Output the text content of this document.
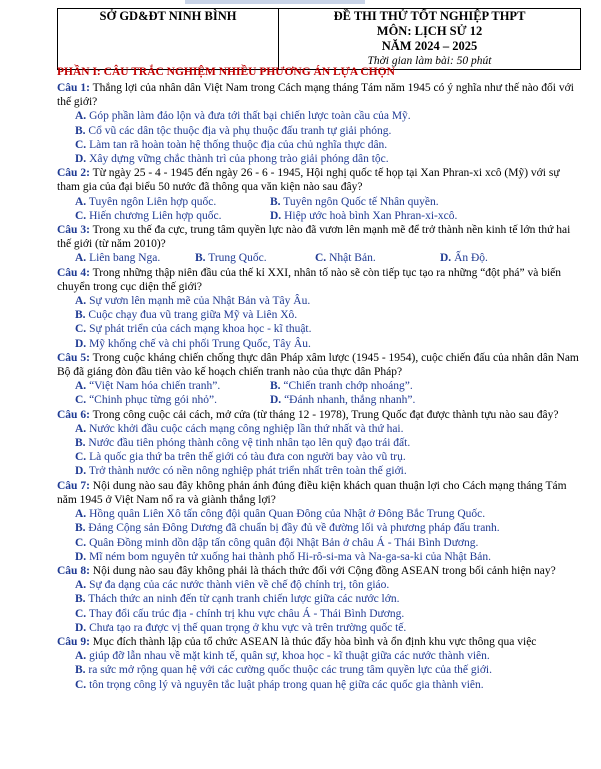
SỞ GD&ĐT NINH BÌNH	ĐỀ THI THỬ TỐT NGHIỆP THPT
MÔN: LỊCH SỬ 12
NĂM 2024 – 2025
Thời gian làm bài: 50 phút
PHẦN I: CÂU TRẮC NGHIỆM NHIỀU PHƯƠNG ÁN LỰA CHỌN

Câu 1: Thắng lợi của nhân dân Việt Nam trong Cách mạng tháng Tám năm 1945 có ý nghĩa như thế nào đối với thế giới?

A. Góp phần làm đảo lộn và đưa tới thất bại chiến lược toàn cầu của Mỹ.

B. Cổ vũ các dân tộc thuộc địa và phụ thuộc đấu tranh tự giải phóng.

C. Làm tan rã hoàn toàn hệ thống thuộc địa của chủ nghĩa thực dân.

D. Xây dựng vững chắc thành trì của phong trào giải phóng dân tộc.

Câu 2: Từ ngày 25 - 4 - 1945 đến ngày 26 - 6 - 1945, Hội nghị quốc tế họp tại Xan Phran-xi xcô (Mỹ) với sự tham gia của đại biểu 50 nước đã thông qua văn kiện nào sau đây?

A. Tuyên ngôn Liên hợp quốc.	B. Tuyên ngôn Quốc tế Nhân quyền.
C. Hiến chương Liên hợp quốc.	D. Hiệp ước hoà bình Xan Phran-xi-xcô.

Câu 3: Trong xu thế đa cực, trung tâm quyền lực nào đã vươn lên mạnh mẽ để trở thành nền kinh tế lớn thứ hai thế giới (từ năm 2010)?

A. Liên bang Nga.	B. Trung Quốc.	C. Nhật Bản.	D. Ấn Độ.

Câu 4: Trong những thập niên đầu của thế kỉ XXI, nhân tố nào sẽ còn tiếp tục tạo ra những “đột phá” và biến chuyển trong cục diện thế giới?

A. Sự vươn lên mạnh mẽ của Nhật Bản và Tây Âu.

B. Cuộc chạy đua vũ trang giữa Mỹ và Liên Xô.

C. Sự phát triển của cách mạng khoa học - kĩ thuật.

D. Mỹ khống chế và chi phối Trung Quốc, Tây Âu.

Câu 5: Trong cuộc kháng chiến chống thực dân Pháp xâm lược (1945 - 1954), cuộc chiến đấu của nhân dân Nam Bộ đã giáng đòn đầu tiên vào kế hoạch chiến tranh nào của thực dân Pháp?

A. “Việt Nam hóa chiến tranh”.	B. “Chiến tranh chớp nhoáng”.
C. “Chinh phục từng gói nhỏ”.	D. “Đánh nhanh, thắng nhanh”.

Câu 6: Trong công cuộc cải cách, mở cửa (từ tháng 12 - 1978), Trung Quốc đạt được thành tựu nào sau đây?

A. Nước khởi đầu cuộc cách mạng công nghiệp lần thứ nhất và thứ hai.

B. Nước đầu tiên phóng thành công vệ tinh nhân tạo lên quỹ đạo trái đất.

C. Là quốc gia thứ ba trên thế giới có tàu đưa con người bay vào vũ trụ.

D. Trở thành nước có nền nông nghiệp phát triển nhất trên toàn thế giới.

Câu 7: Nội dung nào sau đây không phản ánh đúng điều kiện khách quan thuận lợi cho Cách mạng tháng Tám năm 1945 ở Việt Nam nổ ra và giành thắng lợi?

A. Hồng quân Liên Xô tấn công đội quân Quan Đông của Nhật ở Đông Bắc Trung Quốc.

B. Đảng Cộng sản Đông Dương đã chuẩn bị đầy đủ về đường lối và phương pháp đấu tranh.

C. Quân Đồng minh dồn dập tấn công quân đội Nhật Bản ở châu Á - Thái Bình Dương.

D. Mĩ ném bom nguyên tử xuống hai thành phố Hi-rô-si-ma và Na-ga-sa-ki của Nhật Bản.

Câu 8: Nội dung nào sau đây không phải là thách thức đối với Cộng đồng ASEAN trong bối cảnh hiện nay?

A. Sự đa dạng của các nước thành viên về chế độ chính trị, tôn giáo.

B. Thách thức an ninh đến từ cạnh tranh chiến lược giữa các nước lớn.

C. Thay đổi cấu trúc địa - chính trị khu vực châu Á - Thái Bình Dương.

D. Chưa tạo ra được vị thế quan trọng ở khu vực và trên trường quốc tế.

Câu 9: Mục đích thành lập của tổ chức ASEAN là thúc đẩy hòa bình và ổn định khu vực thông qua việc

A. giúp đỡ lẫn nhau về mặt kinh tế, quân sự, khoa học - kĩ thuật giữa các nước thành viên.

B. ra sức mở rộng quan hệ với các cường quốc thuộc các trung tâm quyền lực của thế giới.

C. tôn trọng công lý và nguyên tắc luật pháp trong quan hệ giữa các quốc gia thành viên.
